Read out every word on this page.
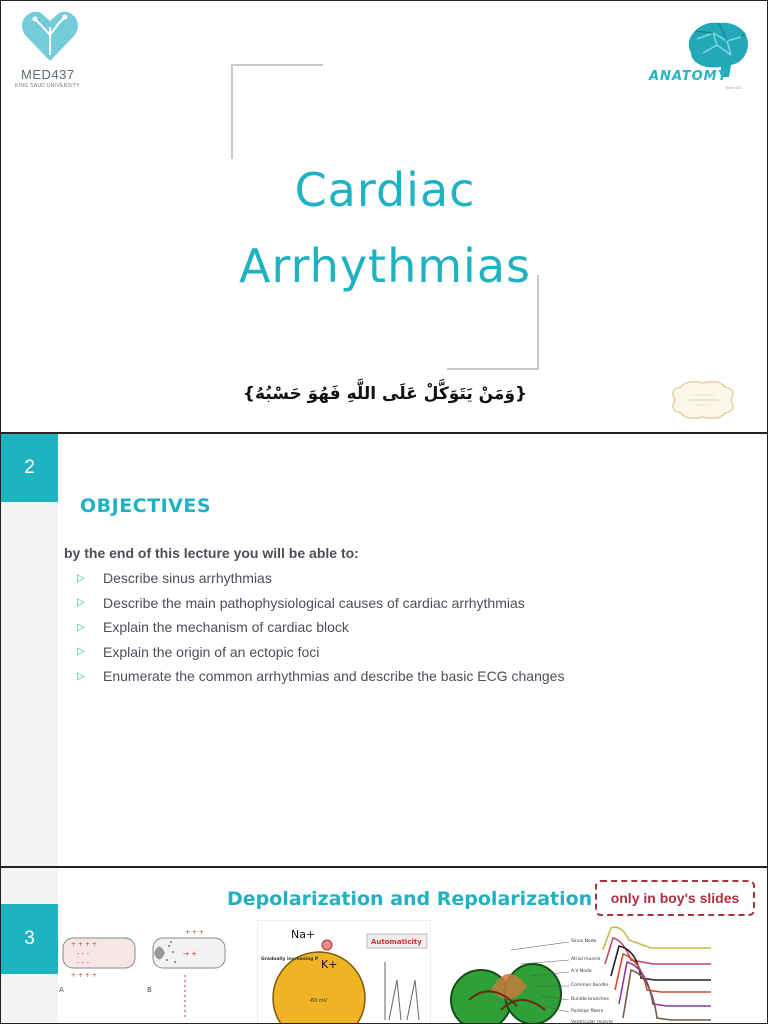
MED437
KING SAUD UNIVERSITY
ANATOMY
Team 437
Cardiac
Arrhythmias
{وَمَنْ يَتَوَكَّلْ عَلَى اللَّهِ فَهُوَ حَسْبُهُ}
2
OBJECTIVES
by the end of this lecture you will be able to:
▷	Describe sinus arrhythmias
▷	Describe the main pathophysiological causes of cardiac arrhythmias
▷	Explain the mechanism of cardiac block
▷	Explain the origin of an ectopic foci
▷	Enumerate the common arrhythmias and describe the basic ECG changes
3
Depolarization and Repolarization	only in boy's slides
+ + + +
- - -
- - -
+ + + +
+ + +
→ +
A	B
Na+
K+
-60 mV
Gradually increasing P
Automaticity	Sinus Node
Atrial muscle
A-V Node
Common bundle
Bundle branches
Purkinje fibers
Ventricular muscle
